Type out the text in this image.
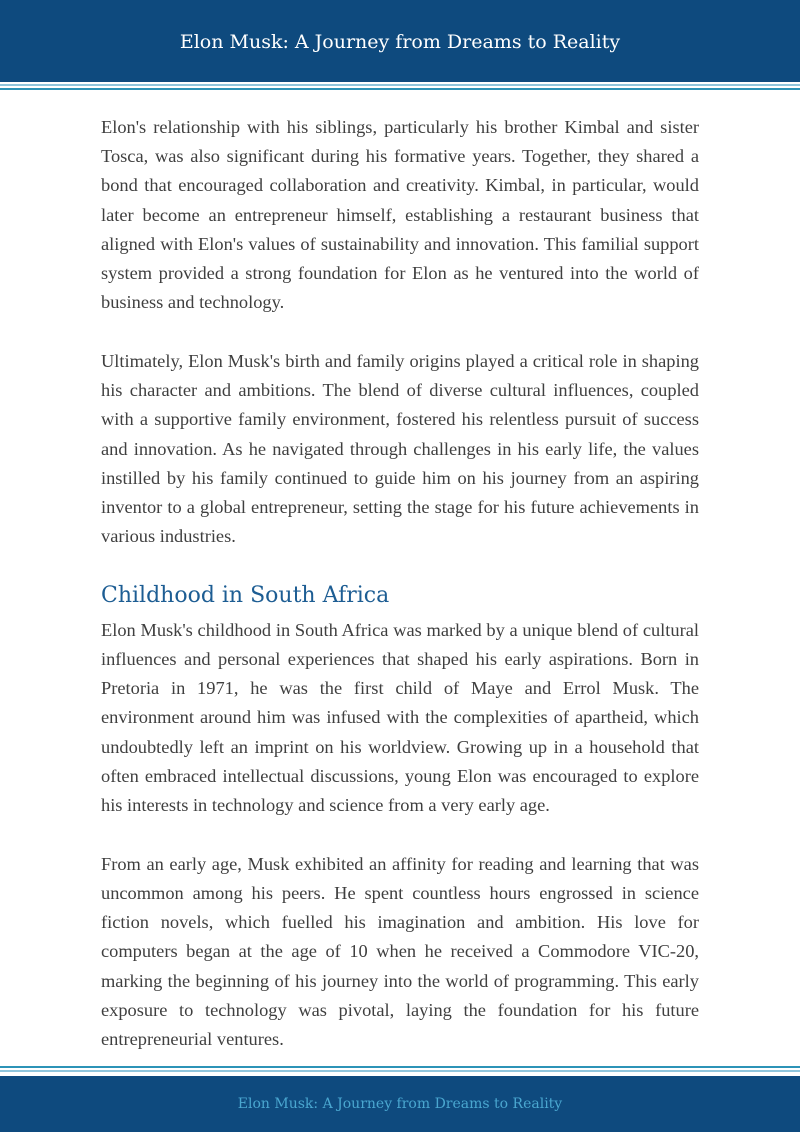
Elon Musk: A Journey from Dreams to Reality

Elon's relationship with his siblings, particularly his brother Kimbal and sister Tosca, was also significant during his formative years. Together, they shared a bond that encouraged collaboration and creativity. Kimbal, in particular, would later become an entrepreneur himself, establishing a restaurant business that aligned with Elon's values of sustainability and innovation. This familial support system provided a strong foundation for Elon as he ventured into the world of business and technology.

Ultimately, Elon Musk's birth and family origins played a critical role in shaping his character and ambitions. The blend of diverse cultural influences, coupled with a supportive family environment, fostered his relentless pursuit of success and innovation. As he navigated through challenges in his early life, the values instilled by his family continued to guide him on his journey from an aspiring inventor to a global entrepreneur, setting the stage for his future achievements in various industries.

Childhood in South Africa

Elon Musk's childhood in South Africa was marked by a unique blend of cultural influences and personal experiences that shaped his early aspirations. Born in Pretoria in 1971, he was the first child of Maye and Errol Musk. The environment around him was infused with the complexities of apartheid, which undoubtedly left an imprint on his worldview. Growing up in a household that often embraced intellectual discussions, young Elon was encouraged to explore his interests in technology and science from a very early age.

From an early age, Musk exhibited an affinity for reading and learning that was uncommon among his peers. He spent countless hours engrossed in science fiction novels, which fuelled his imagination and ambition. His love for computers began at the age of 10 when he received a Commodore VIC-20, marking the beginning of his journey into the world of programming. This early exposure to technology was pivotal, laying the foundation for his future entrepreneurial ventures.

Elon Musk: A Journey from Dreams to Reality
